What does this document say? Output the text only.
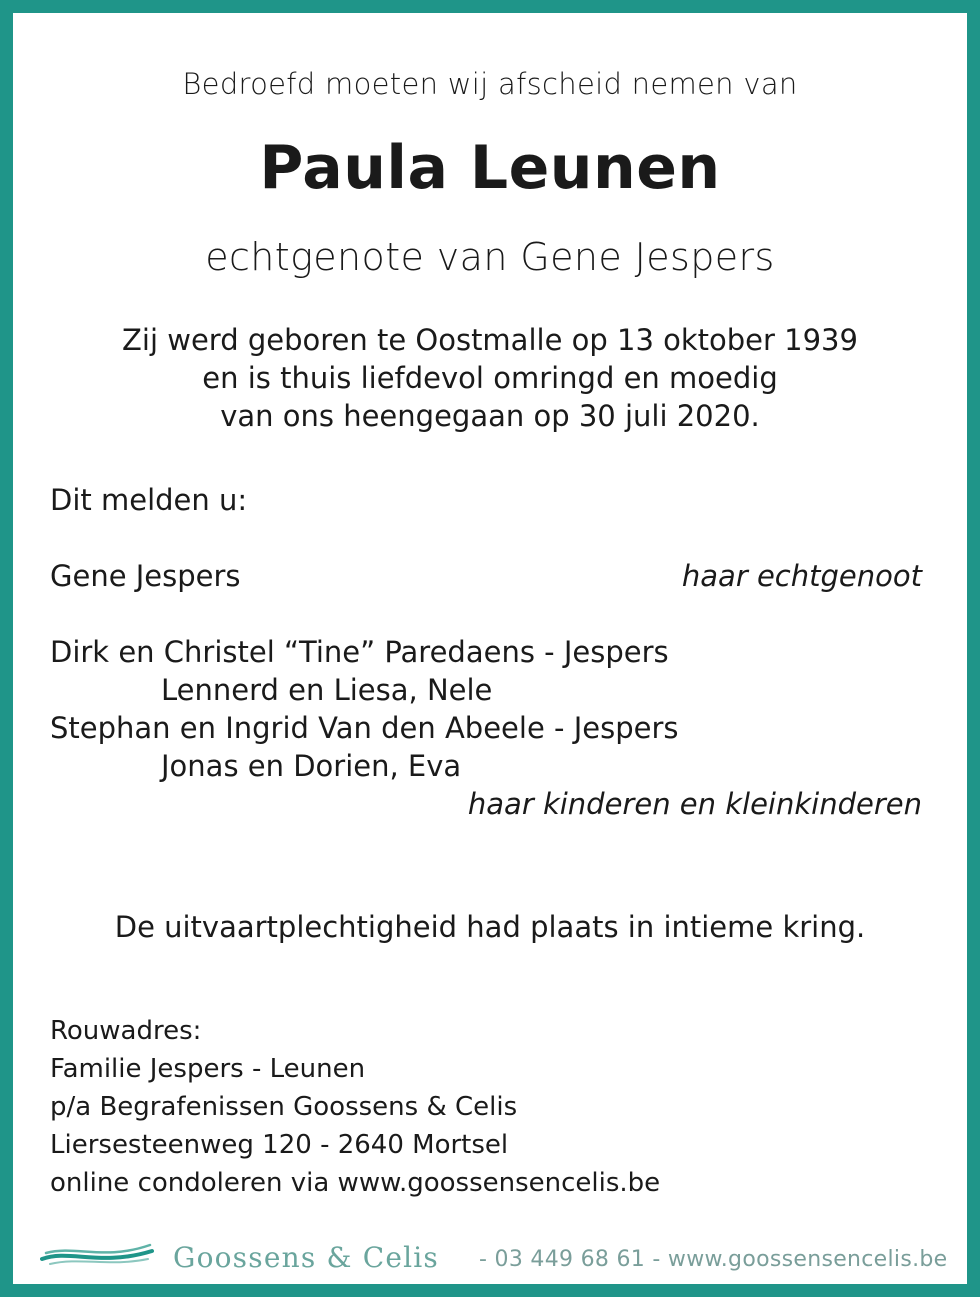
Bedroefd moeten wij afscheid nemen van
Paula Leunen
echtgenote van Gene Jespers
Zij werd geboren te Oostmalle op 13 oktober 1939
en is thuis liefdevol omringd en moedig
van ons heengegaan op 30 juli 2020.
Dit melden u:
Gene Jespers	haar echtgenoot
Dirk en Christel “Tine” Paredaens - Jespers
Lennerd en Liesa, Nele
Stephan en Ingrid Van den Abeele - Jespers
Jonas en Dorien, Eva
haar kinderen en kleinkinderen
De uitvaartplechtigheid had plaats in intieme kring.
Rouwadres:
Familie Jespers - Leunen
p/a Begrafenissen Goossens & Celis
Liersesteenweg 120 - 2640 Mortsel
online condoleren via www.goossensencelis.be
Goossens & Celis - 03 449 68 61 - www.goossensencelis.be
